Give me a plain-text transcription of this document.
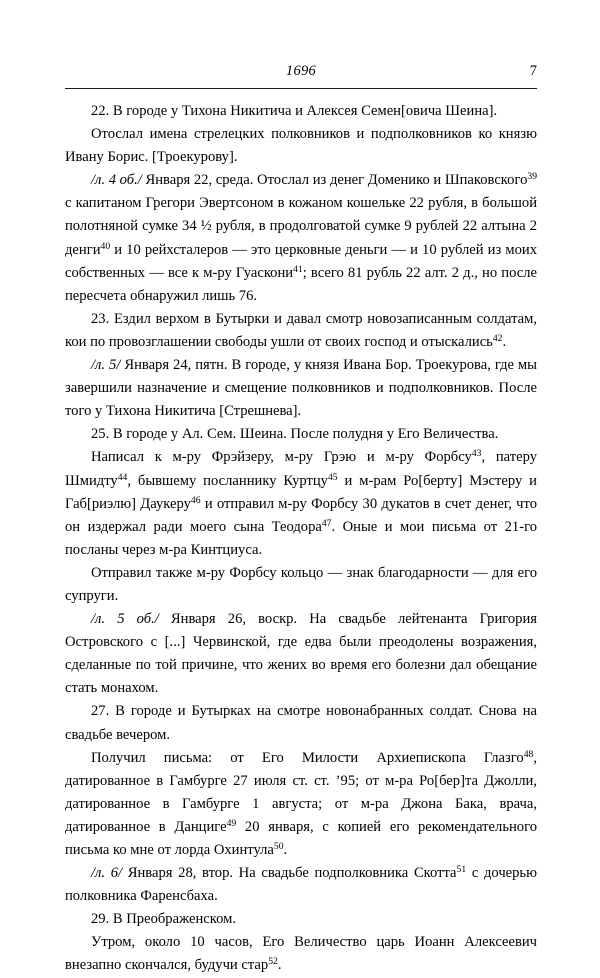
1696	7

22. В городе у Тихона Никитича и Алексея Семен[овича Шеина].

Отослал имена стрелецких полковников и подполковников ко князю Ивану Борис. [Троекурову].

/л. 4 об./ Января 22, среда. Отослал из денег Доменико и Шпаковского$^{39}$ с капитаном Грегори Эвертсоном в кожаном кошельке 22 рубля, в большой полотняной сумке 34 ½ рубля, в продолговатой сумке 9 рублей 22 алтына 2 денги$^{40}$ и 10 рейхсталеров — это церковные деньги — и 10 рублей из моих собственных — все к м-ру Гуаскони$^{41}$; всего 81 рубль 22 алт. 2 д., но после пересчета обнаружил лишь 76.

23. Ездил верхом в Бутырки и давал смотр новозаписанным солдатам, кои по провозглашении свободы ушли от своих господ и отыскались$^{42}$.

/л. 5/ Января 24, пятн. В городе, у князя Ивана Бор. Троекурова, где мы завершили назначение и смещение полковников и подполковников. После того у Тихона Никитича [Стрешнева].

25. В городе у Ал. Сем. Шеина. После полудня у Его Величества.

Написал к м-ру Фрэйзеру, м-ру Грэю и м-ру Форбсу$^{43}$, патеру Шмидту$^{44}$, бывшему посланнику Куртцу$^{45}$ и м-рам Ро[берту] Мэстеру и Габ[риэлю] Даукеру$^{46}$ и отправил м-ру Форбсу 30 дукатов в счет денег, что он издержал ради моего сына Теодора$^{47}$. Оные и мои письма от 21-го посланы через м-ра Кинтциуса.

Отправил также м-ру Форбсу кольцо — знак благодарности — для его супруги.

/л. 5 об./ Января 26, воскр. На свадьбе лейтенанта Григория Островского с [...] Червинской, где едва были преодолены возражения, сделанные по той причине, что жених во время его болезни дал обещание стать монахом.

27. В городе и Бутырках на смотре новонабранных солдат. Снова на свадьбе вечером.

Получил письма: от Его Милости Архиепископа Глазго$^{48}$, датированное в Гамбурге 27 июля ст. ст. ’95; от м-ра Ро[бер]та Джолли, датированное в Гамбурге 1 августа; от м-ра Джона Бака, врача, датированное в Данциге$^{49}$ 20 января, с копией его рекомендательного письма ко мне от лорда Охинтула$^{50}$.

/л. 6/ Января 28, втор. На свадьбе подполковника Скотта$^{51}$ с дочерью полковника Фаренсбаха.

29. В Преображенском.

Утром, около 10 часов, Его Величество царь Иоанн Алексеевич внезапно скончался, будучи стар$^{52}$.
